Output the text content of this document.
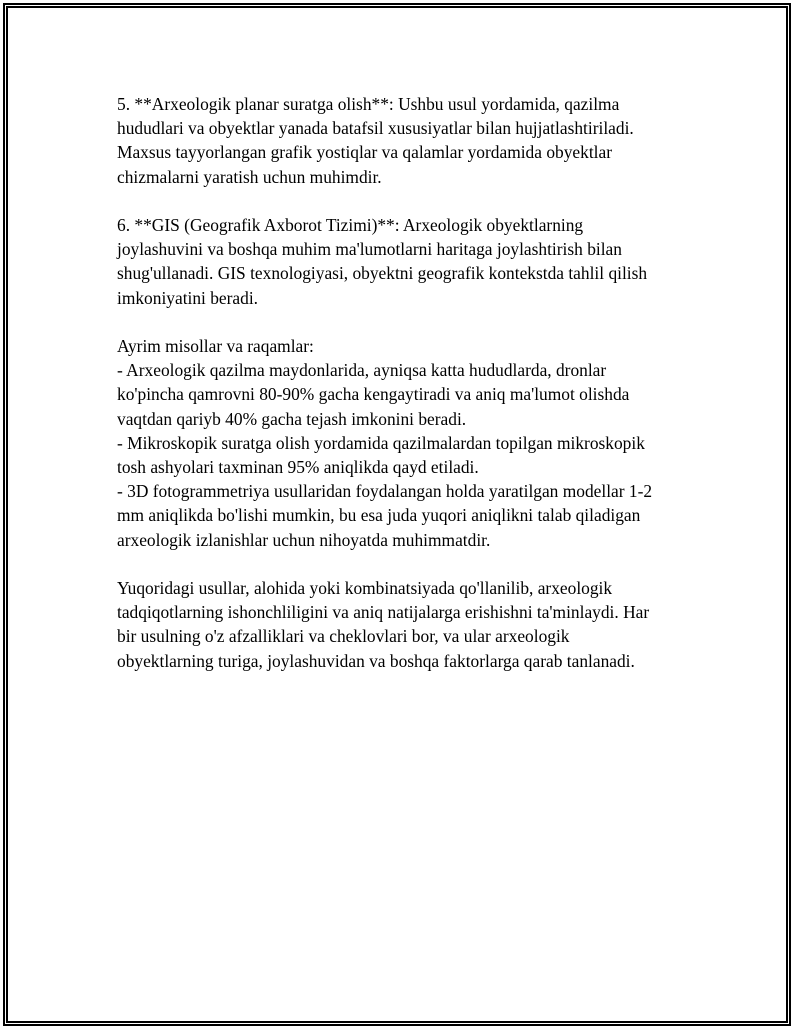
5. **Arxeologik planar suratga olish**: Ushbu usul yordamida, qazilma
hududlari va obyektlar yanada batafsil xususiyatlar bilan hujjatlashtiriladi.
Maxsus tayyorlangan grafik yostiqlar va qalamlar yordamida obyektlar
chizmalarni yaratish uchun muhimdir.

6. **GIS (Geografik Axborot Tizimi)**: Arxeologik obyektlarning
joylashuvini va boshqa muhim ma'lumotlarni haritaga joylashtirish bilan
shug'ullanadi. GIS texnologiyasi, obyektni geografik kontekstda tahlil qilish
imkoniyatini beradi.

Ayrim misollar va raqamlar:
- Arxeologik qazilma maydonlarida, ayniqsa katta hududlarda, dronlar
ko'pincha qamrovni 80-90% gacha kengaytiradi va aniq ma'lumot olishda
vaqtdan qariyb 40% gacha tejash imkonini beradi.
- Mikroskopik suratga olish yordamida qazilmalardan topilgan mikroskopik
tosh ashyolari taxminan 95% aniqlikda qayd etiladi.
- 3D fotogrammetriya usullaridan foydalangan holda yaratilgan modellar 1-2
mm aniqlikda bo'lishi mumkin, bu esa juda yuqori aniqlikni talab qiladigan
arxeologik izlanishlar uchun nihoyatda muhimmatdir.

Yuqoridagi usullar, alohida yoki kombinatsiyada qo'llanilib, arxeologik
tadqiqotlarning ishonchliligini va aniq natijalarga erishishni ta'minlaydi. Har
bir usulning o'z afzalliklari va cheklovlari bor, va ular arxeologik
obyektlarning turiga, joylashuvidan va boshqa faktorlarga qarab tanlanadi.
